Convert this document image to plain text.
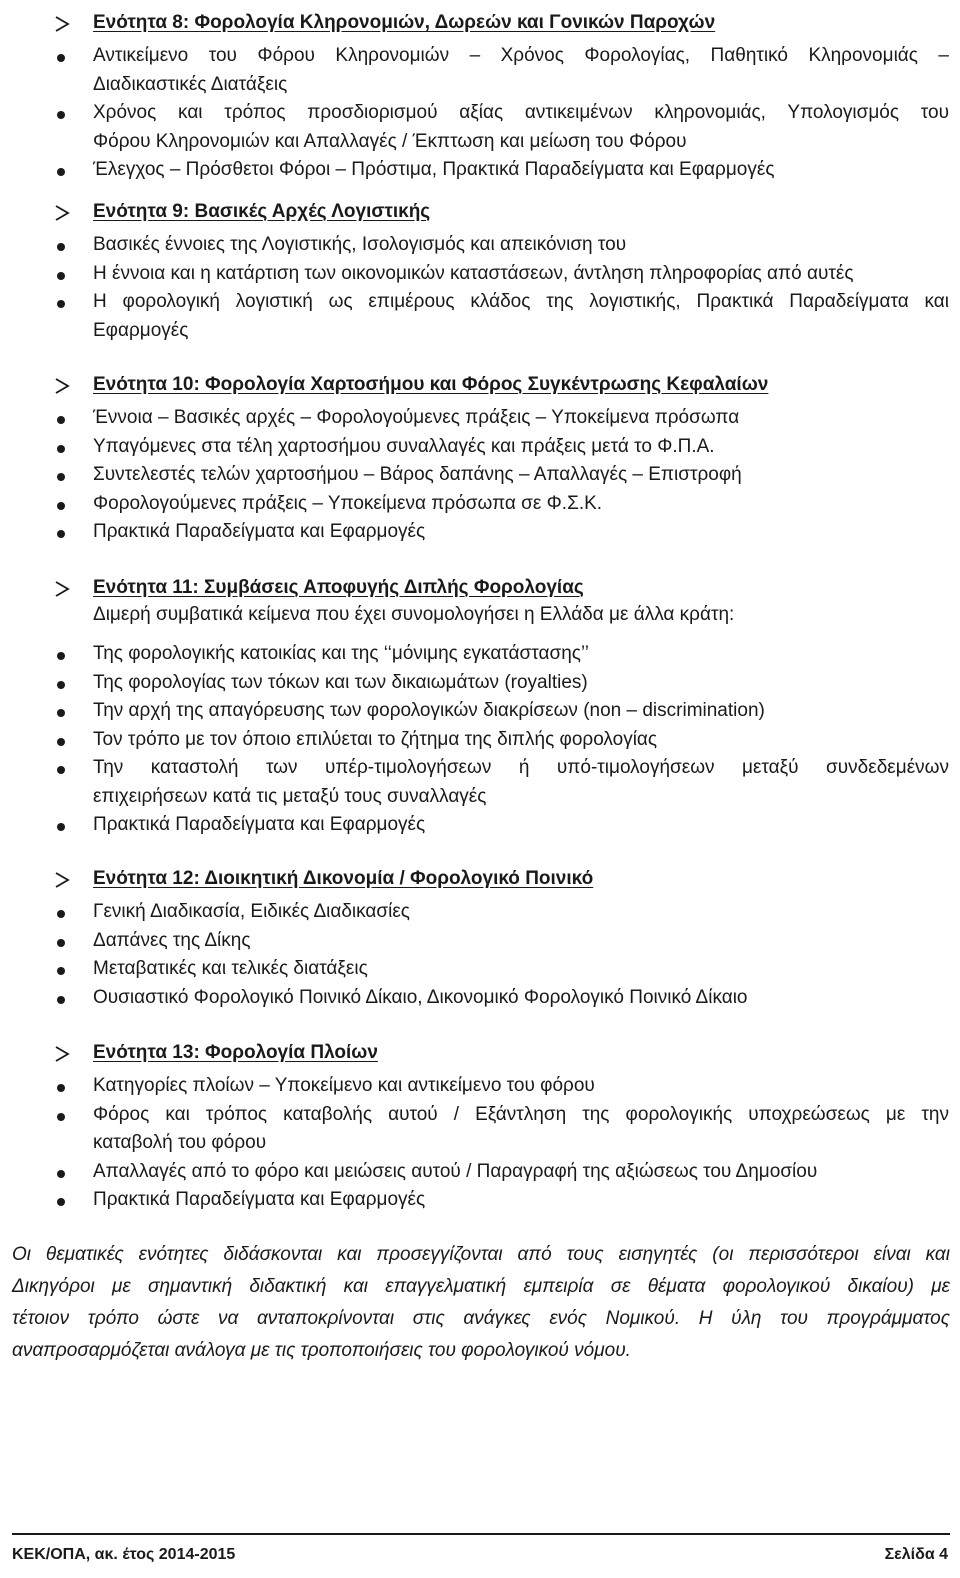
Ενότητα 8: Φορολογία Κληρονομιών, Δωρεών και Γονικών Παροχών
Αντικείμενο του Φόρου Κληρονομιών – Χρόνος Φορολογίας, Παθητικό Κληρονομιάς –
Διαδικαστικές Διατάξεις
Χρόνος και τρόπος προσδιορισμού αξίας αντικειμένων κληρονομιάς, Υπολογισμός του
Φόρου Κληρονομιών και Απαλλαγές / Έκπτωση και μείωση του Φόρου
Έλεγχος – Πρόσθετοι Φόροι – Πρόστιμα, Πρακτικά Παραδείγματα και Εφαρμογές
Ενότητα 9: Βασικές Αρχές Λογιστικής
Βασικές έννοιες της Λογιστικής, Ισολογισμός και απεικόνιση του
Η έννοια και η κατάρτιση των οικονομικών καταστάσεων, άντληση πληροφορίας από αυτές
Η φορολογική λογιστική ως επιμέρους κλάδος της λογιστικής, Πρακτικά Παραδείγματα και
Εφαρμογές
Ενότητα 10: Φορολογία Χαρτοσήμου και Φόρος Συγκέντρωσης Κεφαλαίων
Έννοια – Βασικές αρχές – Φορολογούμενες πράξεις – Υποκείμενα πρόσωπα
Υπαγόμενες στα τέλη χαρτοσήμου συναλλαγές και πράξεις μετά το Φ.Π.Α.
Συντελεστές τελών χαρτοσήμου – Βάρος δαπάνης – Απαλλαγές – Επιστροφή
Φορολογούμενες πράξεις – Υποκείμενα πρόσωπα σε Φ.Σ.Κ.
Πρακτικά Παραδείγματα και Εφαρμογές
Ενότητα 11: Συμβάσεις Αποφυγής Διπλής Φορολογίας
Διμερή συμβατικά κείμενα που έχει συνομολογήσει η Ελλάδα με άλλα κράτη:
Της φορολογικής κατοικίας και της ‘‘μόνιμης εγκατάστασης’’
Της φορολογίας των τόκων και των δικαιωμάτων (royalties)
Την αρχή της απαγόρευσης των φορολογικών διακρίσεων (non – discrimination)
Τον τρόπο με τον όποιο επιλύεται το ζήτημα της διπλής φορολογίας
Την καταστολή των υπέρ-τιμολογήσεων ή υπό-τιμολογήσεων μεταξύ συνδεδεμένων
επιχειρήσεων κατά τις μεταξύ τους συναλλαγές
Πρακτικά Παραδείγματα και Εφαρμογές
Ενότητα 12: Διοικητική Δικονομία / Φορολογικό Ποινικό
Γενική Διαδικασία, Ειδικές Διαδικασίες
Δαπάνες της Δίκης
Μεταβατικές και τελικές διατάξεις
Ουσιαστικό Φορολογικό Ποινικό Δίκαιο, Δικονομικό Φορολογικό Ποινικό Δίκαιο
Ενότητα 13: Φορολογία Πλοίων
Κατηγορίες πλοίων – Υποκείμενο και αντικείμενο του φόρου
Φόρος και τρόπος καταβολής αυτού / Εξάντληση της φορολογικής υποχρεώσεως με την
καταβολή του φόρου
Απαλλαγές από το φόρο και μειώσεις αυτού / Παραγραφή της αξιώσεως του Δημοσίου
Πρακτικά Παραδείγματα και Εφαρμογές
Οι θεματικές ενότητες διδάσκονται και προσεγγίζονται από τους εισηγητές (οι περισσότεροι είναι και
Δικηγόροι με σημαντική διδακτική και επαγγελματική εμπειρία σε θέματα φορολογικού δικαίου) με
τέτοιον τρόπο ώστε να ανταποκρίνονται στις ανάγκες ενός Νομικού. Η ύλη του προγράμματος
αναπροσαρμόζεται ανάλογα με τις τροποποιήσεις του φορολογικού νόμου.
ΚΕΚ/ΟΠΑ, ακ. έτος 2014-2015	Σελίδα 4
